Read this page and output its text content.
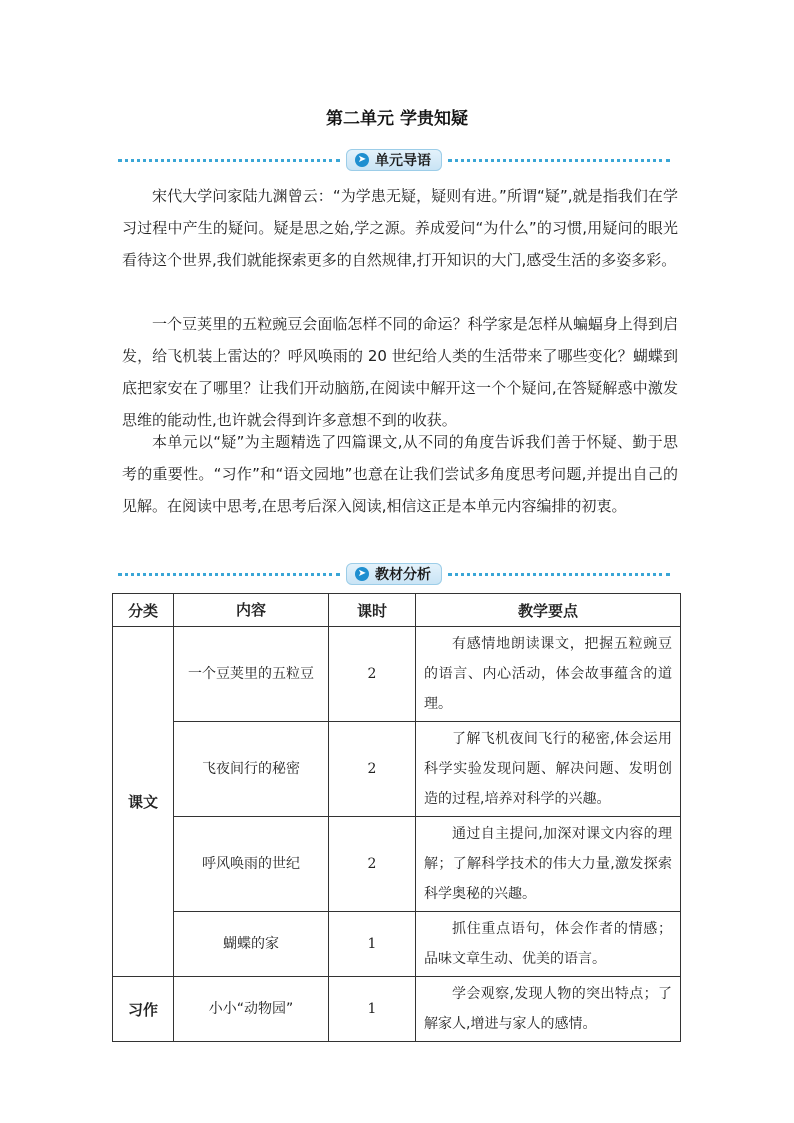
第二单元 学贵知疑
➤ 单元导语

宋代大学问家陆九渊曾云：“为学患无疑，疑则有进。”所谓“疑”,就是指我们在学习过程中产生的疑问。疑是思之始,学之源。养成爱问“为什么”的习惯,用疑问的眼光看待这个世界,我们就能探索更多的自然规律,打开知识的大门,感受生活的多姿多彩。

一个豆荚里的五粒豌豆会面临怎样不同的命运？科学家是怎样从蝙蝠身上得到启发，给飞机装上雷达的？呼风唤雨的 20 世纪给人类的生活带来了哪些变化？蝴蝶到底把家安在了哪里？让我们开动脑筋,在阅读中解开这一个个疑问,在答疑解惑中激发思维的能动性,也许就会得到许多意想不到的收获。

本单元以“疑”为主题精选了四篇课文,从不同的角度告诉我们善于怀疑、勤于思考的重要性。“习作”和“语文园地”也意在让我们尝试多角度思考问题,并提出自己的见解。在阅读中思考,在思考后深入阅读,相信这正是本单元内容编排的初衷。

➤ 教材分析
分类	内容	课时	教学要点
课文	一个豆荚里的五粒豆	2	有感情地朗读课文，把握五粒豌豆的语言、内心活动，体会故事蕴含的道理。
	飞夜间行的秘密	2	了解飞机夜间飞行的秘密,体会运用科学实验发现问题、解决问题、发明创造的过程,培养对科学的兴趣。
	呼风唤雨的世纪	2	通过自主提问,加深对课文内容的理解；了解科学技术的伟大力量,激发探索科学奥秘的兴趣。
	蝴蝶的家	1	抓住重点语句，体会作者的情感；品味文章生动、优美的语言。
习作	小小“动物园”	1	学会观察,发现人物的突出特点；了解家人,增进与家人的感情。
